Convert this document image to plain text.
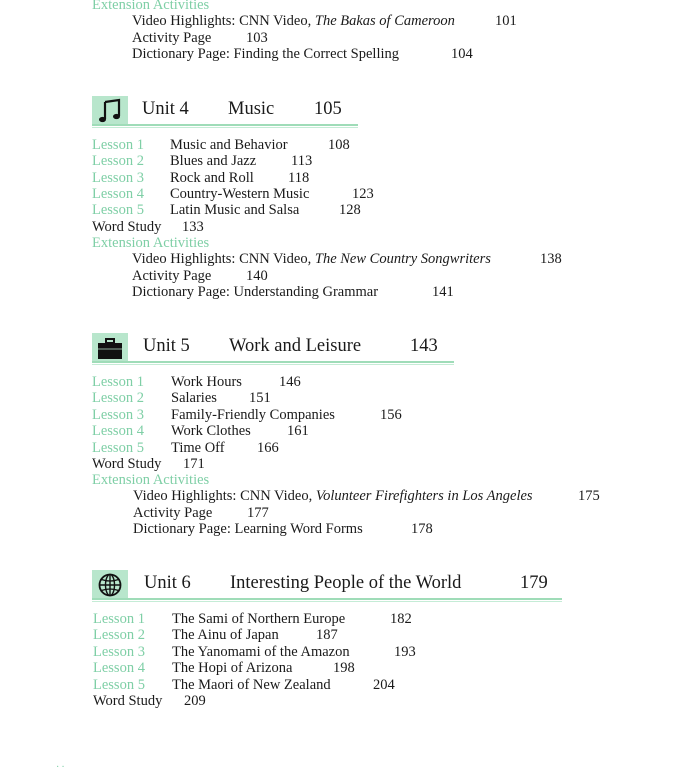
Extension Activities
Video Highlights: CNN Video, The Bakas of Cameroon	101
Activity Page 103
Dictionary Page: Finding the Correct Spelling	104
Unit 4 Music 105
Lesson 1 Music and Behavior	108
Lesson 2 Blues and Jazz 113
Lesson 3 Rock and Roll 118
Lesson 4 Country-Western Music	123
Lesson 5 Latin Music and Salsa	128
Word Study 133
Extension Activities
Video Highlights: CNN Video, The New Country Songwriters	138
Activity Page 140
Dictionary Page: Understanding Grammar	141
Unit 5 Work and Leisure	143
Lesson 1 Work Hours	146
Lesson 2 Salaries 151
Lesson 3 Family-Friendly Companies	156
Lesson 4 Work Clothes 161
Lesson 5 Time Off 166
Word Study 171
Extension Activities
Video Highlights: CNN Video, Volunteer Firefighters in Los Angeles	175
Activity Page 177
Dictionary Page: Learning Word Forms	178
Unit 6 Interesting People of the World	179
Lesson 1 The Sami of Northern Europe	182
Lesson 2 The Ainu of Japan	187
Lesson 3 The Yanomami of the Amazon	193
Lesson 4 The Hopi of Arizona	198
Lesson 5 The Maori of New Zealand	204
Word Study 209
··
